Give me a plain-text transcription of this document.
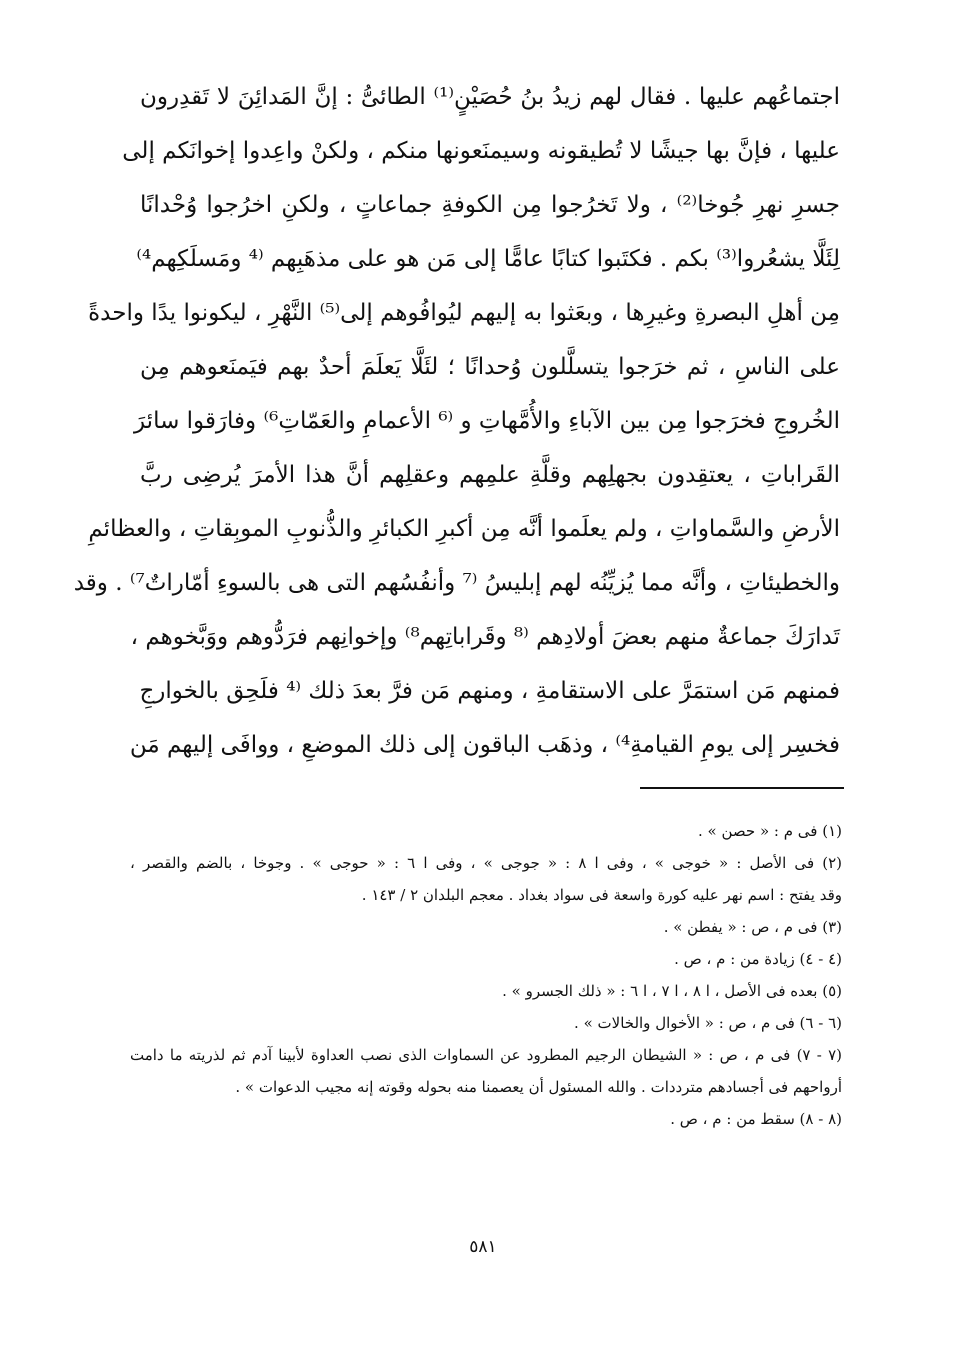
اجتماعُهم عليها . فقال لهم زيدُ بنُ حُصَيْنٍ⁽¹⁾ الطائىُّ : إنَّ المَدائِنَ لا تَقدِرون
عليها ، فإنَّ بها جيشًا لا تُطيقونه وسيمنَعونها منكم ، ولكنْ واعِدوا إخوانَكم إلى
جسرِ نهرِ جُوخا⁽²⁾ ، ولا تَخرُجوا مِن الكوفةِ جماعاتٍ ، ولكنِ اخرُجوا وُحْدانًا
لِئَلَّا يشعُروا⁽³⁾ بكم . فكتَبوا كتابًا عامًّا إلى مَن هو على مذهَبِهم ⁽⁴ ومَسلَكِهم⁴⁾
مِن أهلِ البصرةِ وغيرِها ، وبعَثوا به إليهم ليُوافُوهم إلى⁽⁵⁾ النَّهْرِ ، ليكونوا يدًا واحدةً
على الناسِ ، ثم خرَجوا يتسلَّلون وُحدانًا ؛ لئَلَّا يَعلَمَ أحدٌ بهم فيَمنَعوهم مِن
الخُروجِ فخرَجوا مِن بين الآباءِ والأُمَّهاتِ و ⁽⁶ الأعمامِ والعَمّاتِ⁶⁾ وفارَقوا سائرَ
القَراباتِ ، يعتقِدون بجهلِهم وقلَّةِ علمِهم وعقلِهم أنَّ هذا الأمرَ يُرضِى ربَّ
الأرضِ والسَّماواتِ ، ولم يعلَموا أنَّه مِن أكبرِ الكبائرِ والذُّنوبِ الموبِقاتِ ، والعظائمِ
والخطيئاتِ ، وأنَّه مما يُزيِّنُه لهم إبليسُ ⁽⁷ وأنفُسُهم التى هى بالسوءِ أمّاراتٌ⁷⁾ . وقد
تَدارَكَ جماعةٌ منهم بعضَ أولادِهم ⁽⁸ وقَراباتِهم⁸⁾ وإخوانِهم فرَدُّوهم ووَبَّخوهم ،
فمنهم مَن استمَرَّ على الاستقامةِ ، ومنهم مَن فرَّ بعدَ ذلك ⁽⁴ فلَحِق بالخوارجِ
فخسِر إلى يومِ القيامةِ⁴⁾ ، وذهَب الباقون إلى ذلك الموضعِ ، ووافَى إليهم مَن
(١) فى م : « حصن » .
(٢) فى الأصل : « خوجى » ، وفى ا ٨ : « جوجى » ، وفى ا ٦ : « حوجى » . وجوخا ، بالضم والقصر ،
وقد يفتح : اسم نهر عليه كورة واسعة فى سواد بغداد . معجم البلدان ٢ / ١٤٣ .
(٣) فى م ، ص : « يفطن » .
(٤ - ٤) زيادة من : م ، ص .
(٥) بعده فى الأصل ، ا ٨ ، ا ٧ ، ا ٦ : « ذلك الجسرو » .
(٦ - ٦) فى م ، ص : « الأخوال والخالات » .
(٧ - ٧) فى م ، ص : « الشيطان الرجيم المطرود عن السماوات الذى نصب العداوة لأبينا آدم ثم لذريته ما دامت
أرواحهم فى أجسادهم مترددات . والله المسئول أن يعصمنا منه بحوله وقوته إنه مجيب الدعوات » .
(٨ - ٨) سقط من : م ، ص .
٥٨١
